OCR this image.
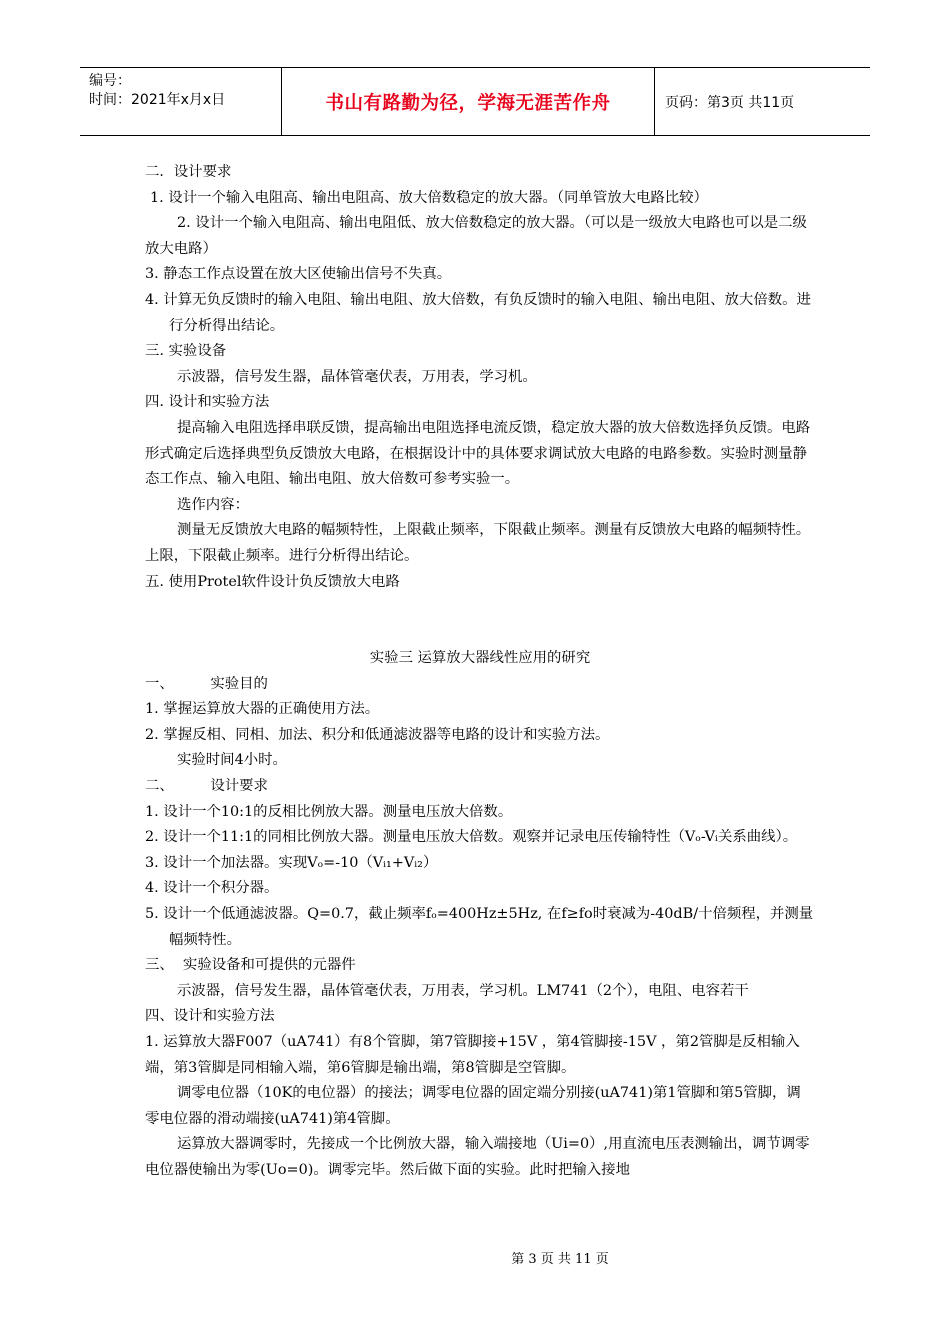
编号：
时间：2021年x月x日	书山有路勤为径，学海无涯苦作舟	页码：第3页 共11页

二．设计要求

1. 设计一个输入电阻高、输出电阻高、放大倍数稳定的放大器。（同单管放大电路比较）

2. 设计一个输入电阻高、输出电阻低、放大倍数稳定的放大器。（可以是一级放大电路也可以是二级放大电路）

3. 静态工作点设置在放大区使输出信号不失真。

4. 计算无负反馈时的输入电阻、输出电阻、放大倍数，有负反馈时的输入电阻、输出电阻、放大倍数。进行分析得出结论。

三. 实验设备

示波器，信号发生器，晶体管毫伏表，万用表，学习机。

四. 设计和实验方法

提高输入电阻选择串联反馈，提高输出电阻选择电流反馈，稳定放大器的放大倍数选择负反馈。电路形式确定后选择典型负反馈放大电路，在根据设计中的具体要求调试放大电路的电路参数。实验时测量静态工作点、输入电阻、输出电阻、放大倍数可参考实验一。

选作内容：

测量无反馈放大电路的幅频特性，上限截止频率，下限截止频率。测量有反馈放大电路的幅频特性。上限，下限截止频率。进行分析得出结论。

五. 使用Protel软件设计负反馈放大电路

实验三 运算放大器线性应用的研究

一、        实验目的

1. 掌握运算放大器的正确使用方法。

2. 掌握反相、同相、加法、积分和低通滤波器等电路的设计和实验方法。

实验时间4小时。

二、        设计要求

1. 设计一个10:1的反相比例放大器。测量电压放大倍数。

2. 设计一个11:1的同相比例放大器。测量电压放大倍数。观察并记录电压传输特性（Vₒ-Vᵢ关系曲线）。

3. 设计一个加法器。实现Vₒ=-10（Vᵢ₁+Vᵢ₂）

4. 设计一个积分器。

5. 设计一个低通滤波器。Q=0.7，截止频率fₒ=400Hz±5Hz, 在f≥fo时衰减为-40dB/十倍频程，并测量幅频特性。

三、  实验设备和可提供的元器件

示波器，信号发生器，晶体管毫伏表，万用表，学习机。LM741（2个），电阻、电容若干

四、设计和实验方法

1. 运算放大器F007（uA741）有8个管脚，第7管脚接+15V ，第4管脚接-15V ，第2管脚是反相输入端，第3管脚是同相输入端，第6管脚是输出端，第8管脚是空管脚。

调零电位器（10K的电位器）的接法；调零电位器的固定端分别接(uA741)第1管脚和第5管脚，调零电位器的滑动端接(uA741)第4管脚。

运算放大器调零时，先接成一个比例放大器，输入端接地（Ui=0）,用直流电压表测输出，调节调零电位器使输出为零(Uo=0)。调零完毕。然后做下面的实验。此时把输入接地

第 3 页 共 11 页
